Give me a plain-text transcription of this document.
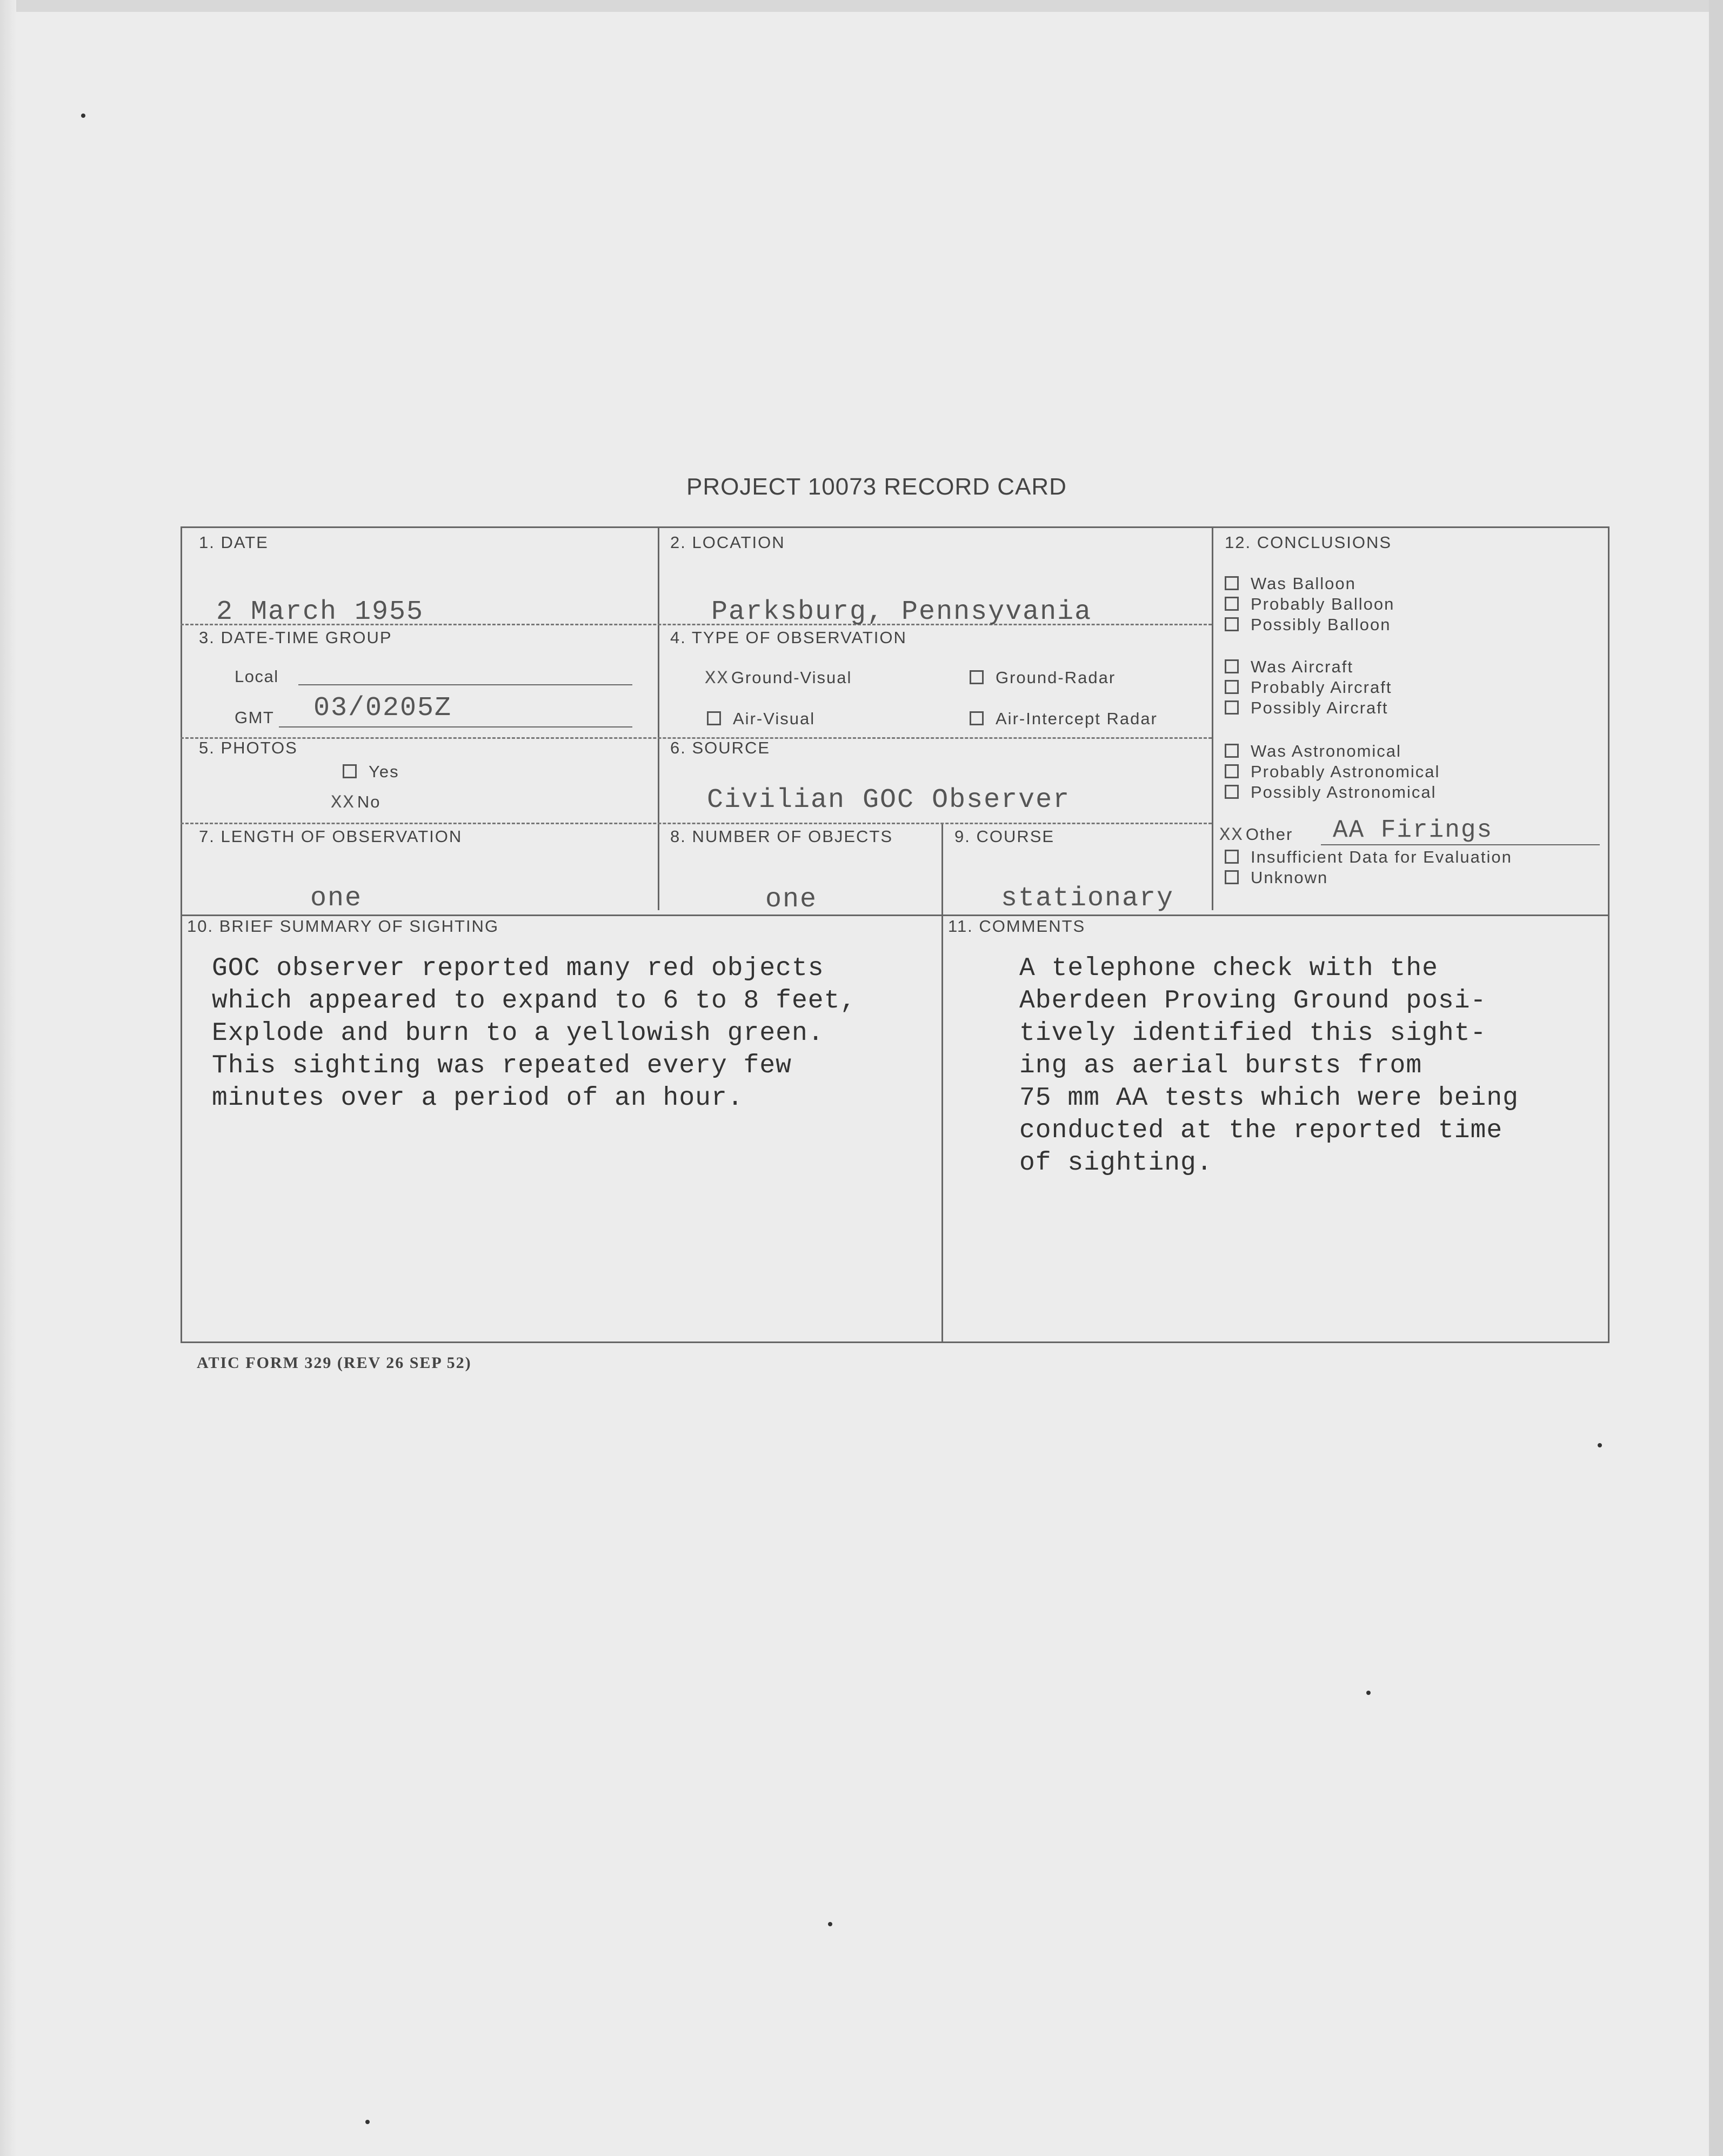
PROJECT 10073 RECORD CARD
1. DATE
2 March 1955
2. LOCATION
Parksburg, Pennsyvania
3. DATE-TIME GROUP
Local
GMT 03/0205Z
4. TYPE OF OBSERVATION
XX Ground-Visual	Ground-Radar
Air-Visual	Air-Intercept Radar
5. PHOTOS
Yes
XX No
6. SOURCE
Civilian GOC Observer
7. LENGTH OF OBSERVATION
one
8. NUMBER OF OBJECTS
one
9. COURSE
stationary
10. BRIEF SUMMARY OF SIGHTING
GOC observer reported many red objects
which appeared to expand to 6 to 8 feet,
Explode and burn to a yellowish green.
This sighting was repeated every few
minutes over a period of an hour.
11. COMMENTS
A telephone check with the
Aberdeen Proving Ground posi-
tively identified this sight-
ing as aerial bursts from
75 mm AA tests which were being
conducted at the reported time
of sighting.
12. CONCLUSIONS
Was Balloon
Probably Balloon
Possibly Balloon
Was Aircraft
Probably Aircraft
Possibly Aircraft
Was Astronomical
Probably Astronomical
Possibly Astronomical
XX Other AA Firings
Insufficient Data for Evaluation
Unknown
ATIC FORM 329 (REV 26 SEP 52)
